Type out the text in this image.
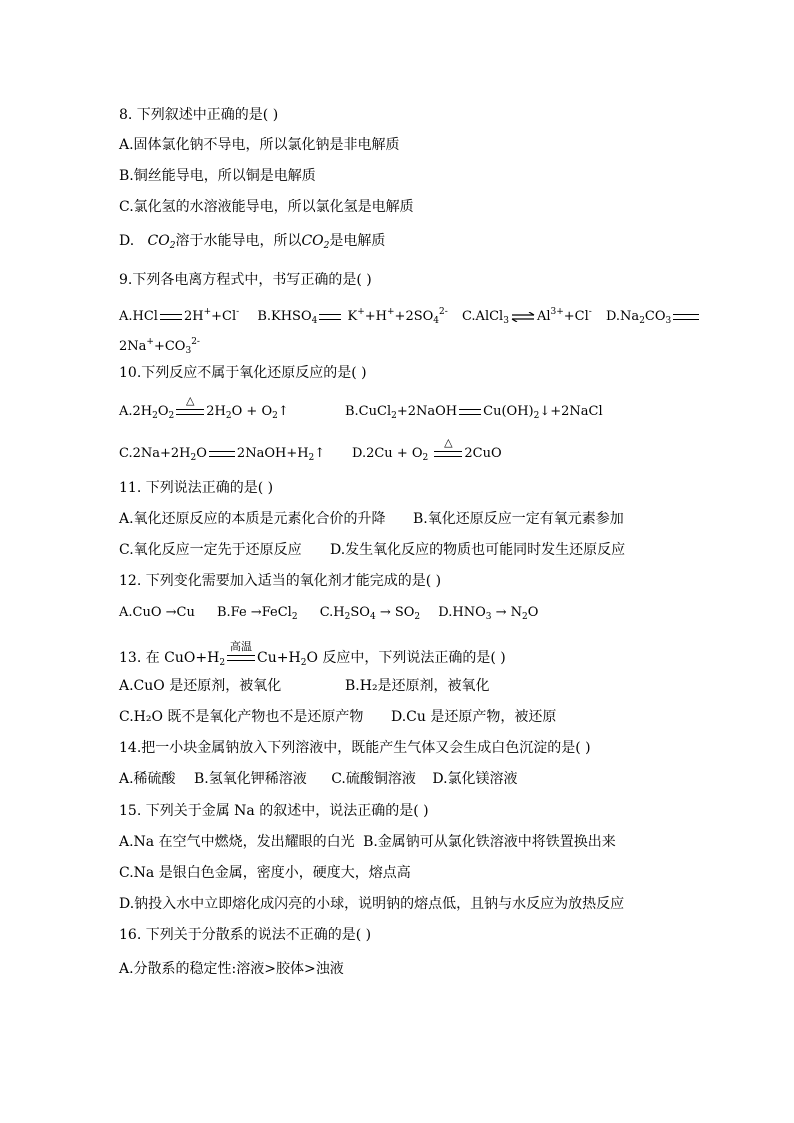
8. 下列叙述中正确的是( )
A.固体氯化钠不导电，所以氯化钠是非电解质
B.铜丝能导电，所以铜是电解质
C.氯化氢的水溶液能导电，所以氯化氢是电解质
D.   $CO_2$溶于水能导电，所以$CO_2$是电解质
9.下列各电离方程式中，书写正确的是( )
A.HCl 2H++Cl- $B.KHSO_4$ $K^++H^++2SO_4^{2-}$ C.AlCl$_3$ ⇌ $Al^{3+}+Cl^-$ $D.Na_2CO_3$
$2Na^++CO_3^{2-}$
10.下列反应不属于氧化还原反应的是( )
$A.2H_2O_2$
△
$2H_2O$ + $O_2↑$	B.CuCl$_2$+2NaOH $Cu(OH)_2↓+2NaCl$
$C.2Na+2H_2O$ $2NaOH+H_2↑$ $D.2Cu + O_2$
△
2CuO
11. 下列说法正确的是( )
A.氧化还原反应的本质是元素化合价的升降 B.氧化还原反应一定有氧元素参加
C.氧化反应一定先于还原反应 D.发生氧化反应的物质也可能同时发生还原反应
12. 下列变化需要加入适当的氧化剂才能完成的是( )
A.CuO →Cu B.Fe →FeCl$_2$ $C.H_2SO_4 \to SO_2$ $D.HNO_3 \to N_2O$
13. 在 $CuO+H_2$
高温
$Cu+H_2O$ 反应中，下列说法正确的是( )
A.CuO 是还原剂，被氧化	B.H₂是还原剂，被氧化
C.H₂O 既不是氧化产物也不是还原产物 D.Cu 是还原产物，被还原
14.把一小块金属钠放入下列溶液中，既能产生气体又会生成白色沉淀的是( )
A.稀硫酸 B.氢氧化钾稀溶液 C.硫酸铜溶液 D.氯化镁溶液
15. 下列关于金属 Na 的叙述中，说法正确的是( )
A.Na 在空气中燃烧，发出耀眼的白光 B.金属钠可从氯化铁溶液中将铁置换出来
C.Na 是银白色金属，密度小，硬度大，熔点高
D.钠投入水中立即熔化成闪亮的小球，说明钠的熔点低，且钠与水反应为放热反应
16. 下列关于分散系的说法不正确的是( )
A.分散系的稳定性:溶液>胶体>浊液
